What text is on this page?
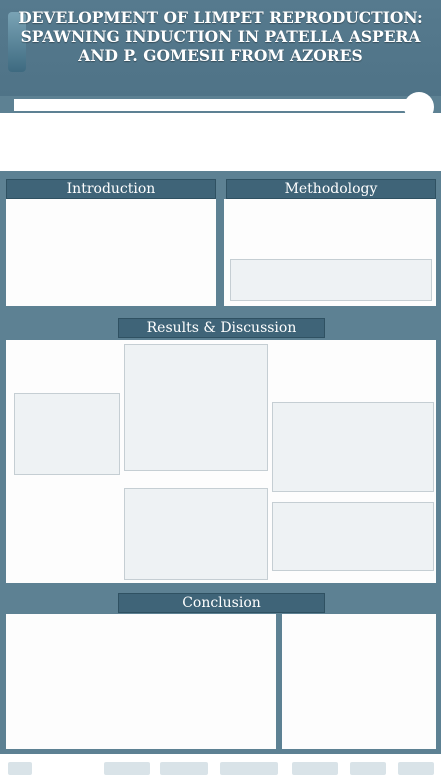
DEVELOPMENT OF LIMPET REPRODUCTION: SPAWNING INDUCTION IN PATELLA ASPERA AND P. GOMESII FROM AZORES
Introduction	Methodology
Results & Discussion
Conclusion
